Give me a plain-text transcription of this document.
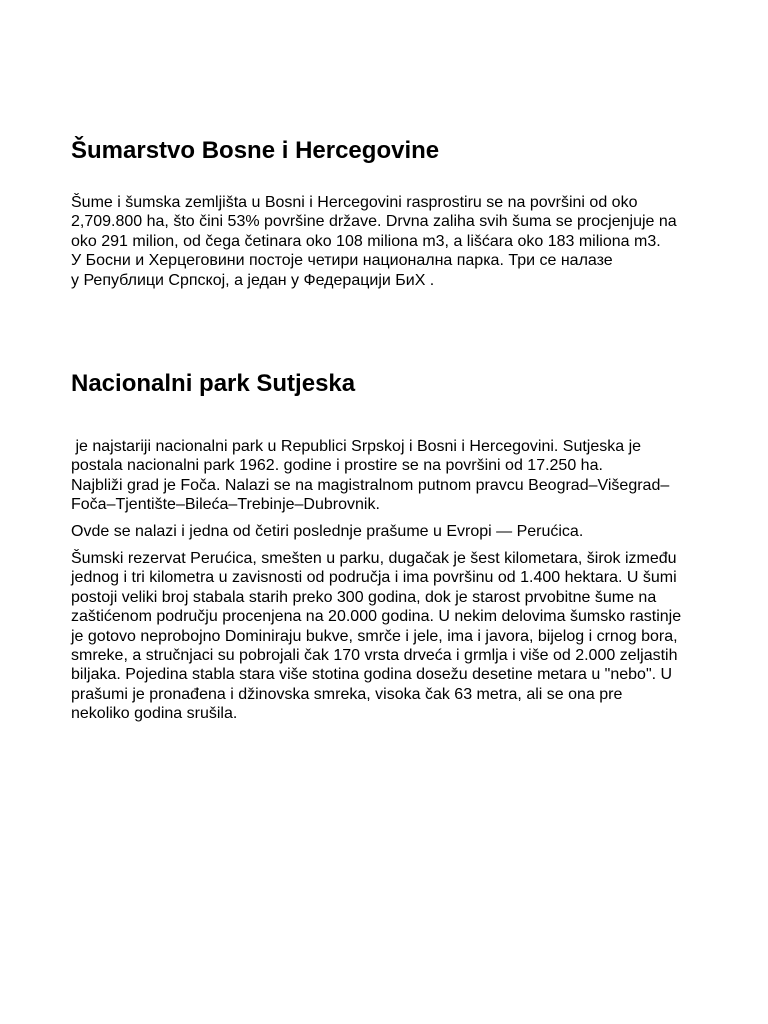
Šumarstvo Bosne i Hercegovine

Šume i šumska zemljišta u Bosni i Hercegovini rasprostiru se na površini od oko
2,709.800 ha, što čini 53% površine države. Drvna zaliha svih šuma se procjenjuje na
oko 291 milion, od čega četinara oko 108 miliona m3, a lišćara oko 183 miliona m3.
У Босни и Херцеговини постоје четири национална парка. Три се налазе
у Републици Српској, а један у Федерацији БиХ .

Nacionalni park Sutjeska

je najstariji nacionalni park u Republici Srpskoj i Bosni i Hercegovini. Sutjeska je
postala nacionalni park 1962. godine i prostire se na površini od 17.250 ha.
Najbliži grad je Foča. Nalazi se na magistralnom putnom pravcu Beograd–Višegrad–
Foča–Tjentište–Bileća–Trebinje–Dubrovnik.

Ovde se nalazi i jedna od četiri poslednje prašume u Evropi — Perućica.

Šumski rezervat Perućica, smešten u parku, dugačak je šest kilometara, širok između
jednog i tri kilometra u zavisnosti od područja i ima površinu od 1.400 hektara. U šumi
postoji veliki broj stabala starih preko 300 godina, dok je starost prvobitne šume na
zaštićenom području procenjena na 20.000 godina. U nekim delovima šumsko rastinje
je gotovo neprobojno Dominiraju bukve, smrče i jele, ima i javora, bijelog i crnog bora,
smreke, a stručnjaci su pobrojali čak 170 vrsta drveća i grmlja i više od 2.000 zeljastih
biljaka. Pojedina stabla stara više stotina godina dosežu desetine metara u "nebo". U
prašumi je pronađena i džinovska smreka, visoka čak 63 metra, ali se ona pre
nekoliko godina srušila.
